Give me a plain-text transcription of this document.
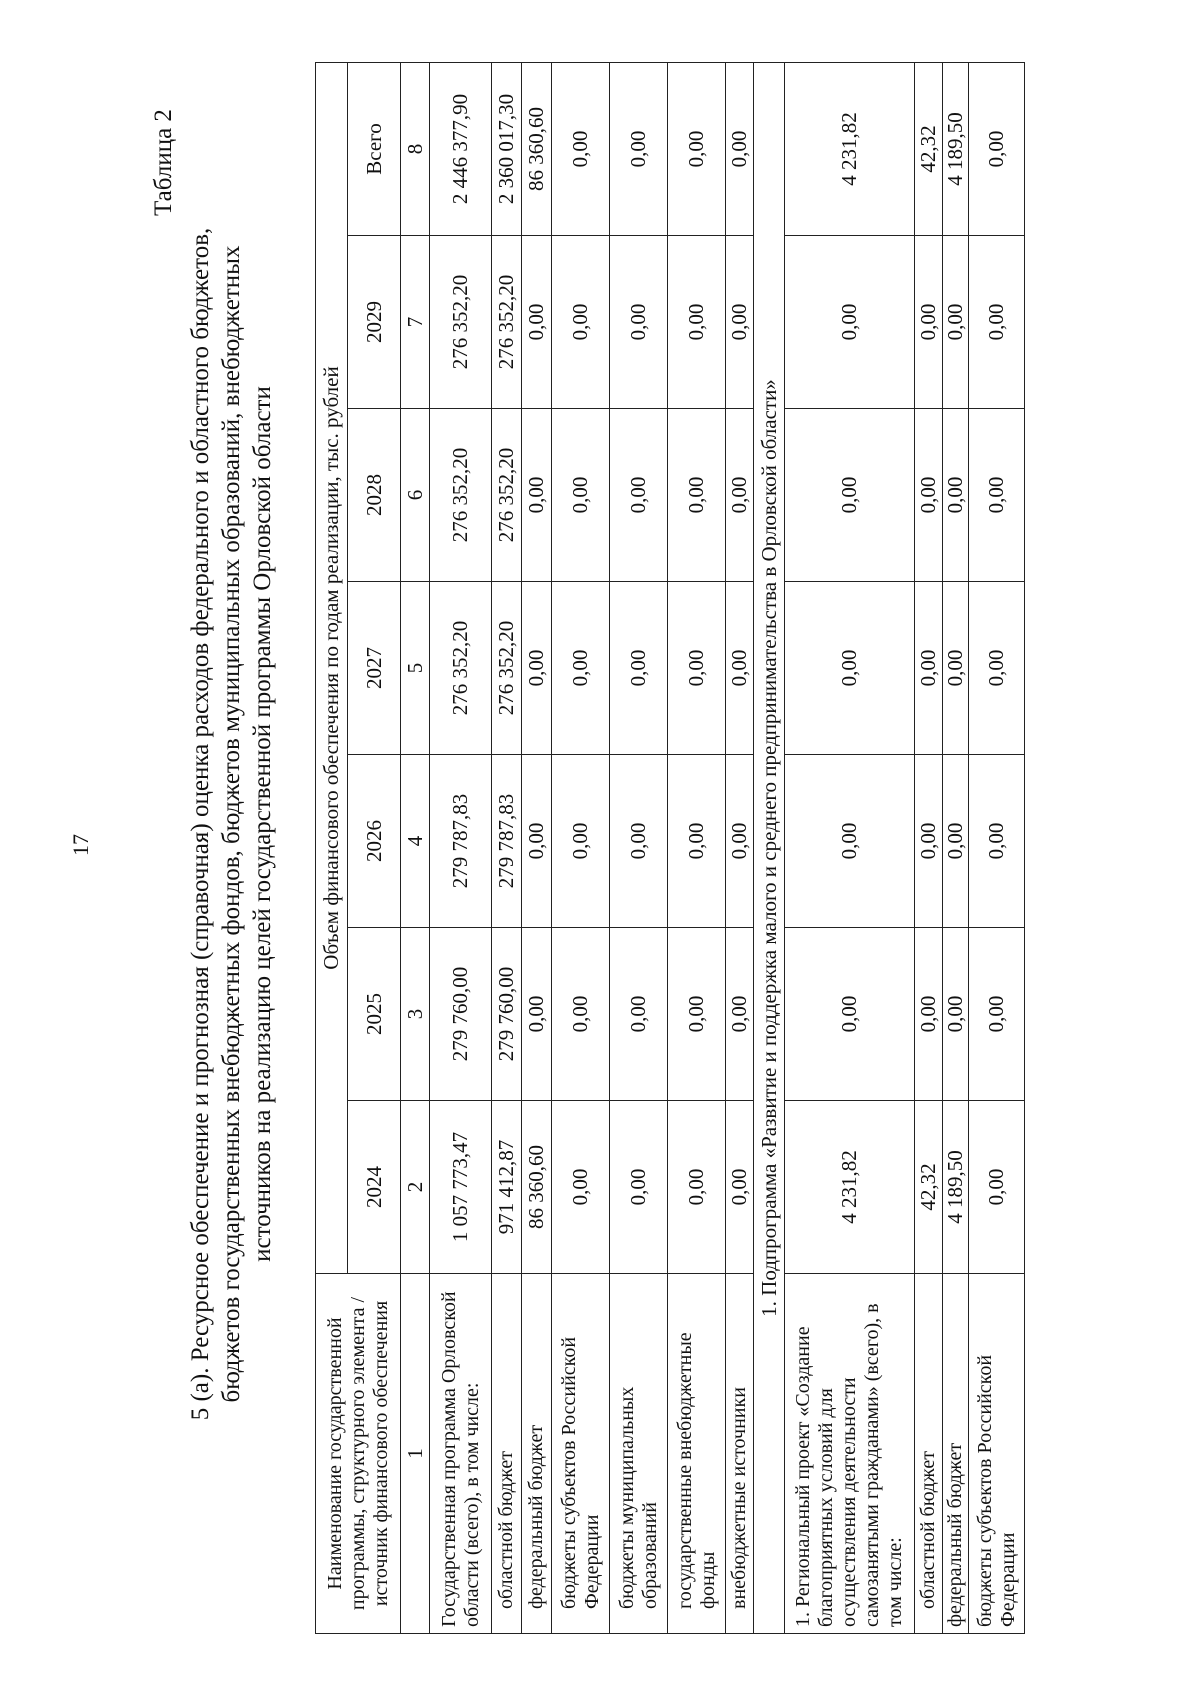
17
Таблица 2
5 (а). Ресурсное обеспечение и прогнозная (справочная) оценка расходов федерального и областного бюджетов, бюджетов государственных внебюджетных фондов, бюджетов муниципальных образований, внебюджетных источников на реализацию целей государственной программы Орловской области
Наименование государственной программы, структурного элемента / источник финансового обеспечения	Объем финансового обеспечения по годам реализации, тыс. рублей						
	2024	2025	2026	2027	2028	2029	Всего
1	2	3	4	5	6	7	8
Государственная программа Орловской области (всего), в том числе:	1 057 773,47	279 760,00	279 787,83	276 352,20	276 352,20	276 352,20	2 446 377,90
областной бюджет	971 412,87	279 760,00	279 787,83	276 352,20	276 352,20	276 352,20	2 360 017,30
федеральный бюджет	86 360,60	0,00	0,00	0,00	0,00	0,00	86 360,60
бюджеты субъектов Российской Федерации	0,00	0,00	0,00	0,00	0,00	0,00	0,00
бюджеты муниципальных образований	0,00	0,00	0,00	0,00	0,00	0,00	0,00
государственные внебюджетные фонды	0,00	0,00	0,00	0,00	0,00	0,00	0,00
внебюджетные источники	0,00	0,00	0,00	0,00	0,00	0,00	0,00
1. Подпрограмма «Развитие и поддержка малого и среднего предпринимательства в Орловской области»							
1. Региональный проект «Создание благоприятных условий для осуществления деятельности самозанятыми гражданами» (всего), в том числе:	4 231,82	0,00	0,00	0,00	0,00	0,00	4 231,82
областной бюджет	42,32	0,00	0,00	0,00	0,00	0,00	42,32
федеральный бюджет	4 189,50	0,00	0,00	0,00	0,00	0,00	4 189,50
бюджеты субъектов Российской Федерации	0,00	0,00	0,00	0,00	0,00	0,00	0,00
